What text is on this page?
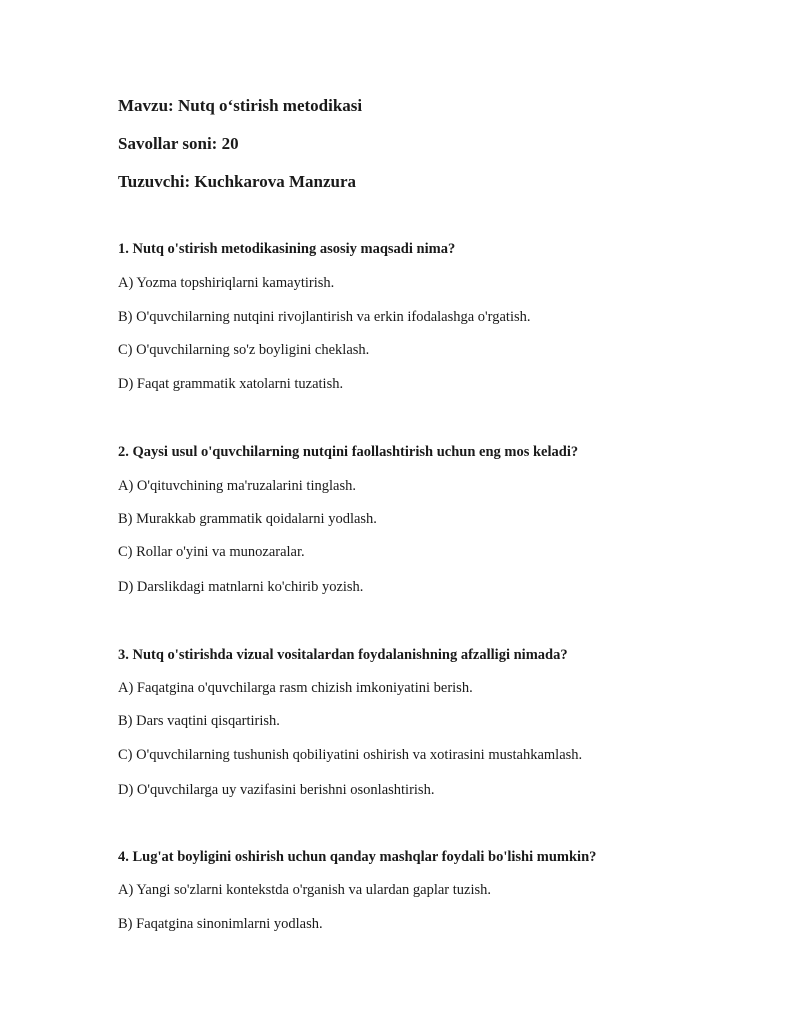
Mavzu: Nutq o‘stirish metodikasi

Savollar soni: 20

Tuzuvchi: Kuchkarova Manzura

1. Nutq o'stirish metodikasining asosiy maqsadi nima?

A) Yozma topshiriqlarni kamaytirish.

B) O'quvchilarning nutqini rivojlantirish va erkin ifodalashga o'rgatish.

C) O'quvchilarning so'z boyligini cheklash.

D) Faqat grammatik xatolarni tuzatish.

2. Qaysi usul o'quvchilarning nutqini faollashtirish uchun eng mos keladi?

A) O'qituvchining ma'ruzalarini tinglash.

B) Murakkab grammatik qoidalarni yodlash.

C) Rollar o'yini va munozaralar.

D) Darslikdagi matnlarni ko'chirib yozish.

3. Nutq o'stirishda vizual vositalardan foydalanishning afzalligi nimada?

A) Faqatgina o'quvchilarga rasm chizish imkoniyatini berish.

B) Dars vaqtini qisqartirish.

C) O'quvchilarning tushunish qobiliyatini oshirish va xotirasini mustahkamlash.

D) O'quvchilarga uy vazifasini berishni osonlashtirish.

4. Lug'at boyligini oshirish uchun qanday mashqlar foydali bo'lishi mumkin?

A) Yangi so'zlarni kontekstda o'rganish va ulardan gaplar tuzish.

B) Faqatgina sinonimlarni yodlash.
